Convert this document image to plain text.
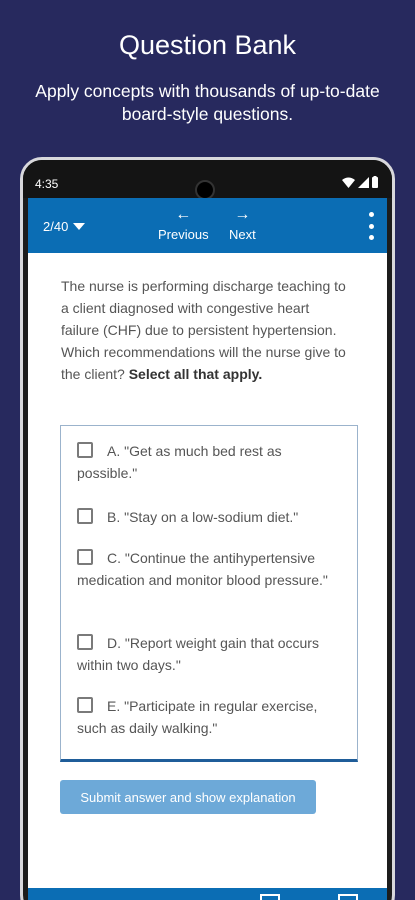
Question Bank
Apply concepts with thousands of up-to-date board-style questions.
4:35
2/40
←
Previous
→
Next
The nurse is performing discharge teaching to a client diagnosed with congestive heart failure (CHF) due to persistent hypertension. Which recommendations will the nurse give to the client? Select all that apply.
A. "Get as much bed rest as possible."
B. "Stay on a low-sodium diet."
C. "Continue the antihypertensive medication and monitor blood pressure."
D. "Report weight gain that occurs within two days."
E. "Participate in regular exercise, such as daily walking."
Submit answer and show explanation
